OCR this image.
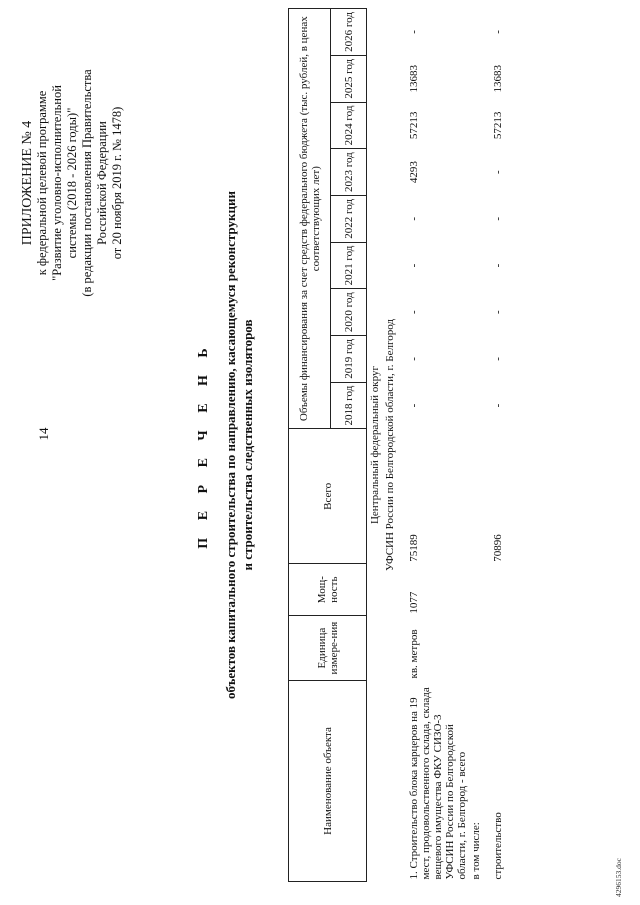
14
ПРИЛОЖЕНИЕ № 4 к федеральной целевой программе "Развитие уголовно-исполнительной системы (2018 - 2026 годы)" (в редакции постановления Правительства Российской Федерации от 20 ноября 2019 г. № 1478)
П Е Р Е Ч Е Н Ь объектов капитального строительства по направлению, касающемуся реконструкции и строительства следственных изоляторов
Наименование объекта	Единица измере-ния	Мощ-ность	Всего	Объемы финансирования за счет средств федерального бюджета (тыс. рублей, в ценах соответствующих лет)								
				2018 год	2019 год	2020 год	2021 год	2022 год	2023 год	2024 год	2025 год	2026 год

Центральный федеральный округ УФСИН России по Белгородской области, г. Белгород												

1. Строительство блока карцеров на 19 мест, продовольственного склада, склада вещевого имущества ФКУ СИЗО-3 УФСИН России по Белгородской области, г. Белгород - всего	кв. метров	1077	75189	-	-	-	-	-	4293	57213	13683	-
в том числе:												

строительство			70896	-	-	-	-	-	-	57213	13683	-
4296153.doc
